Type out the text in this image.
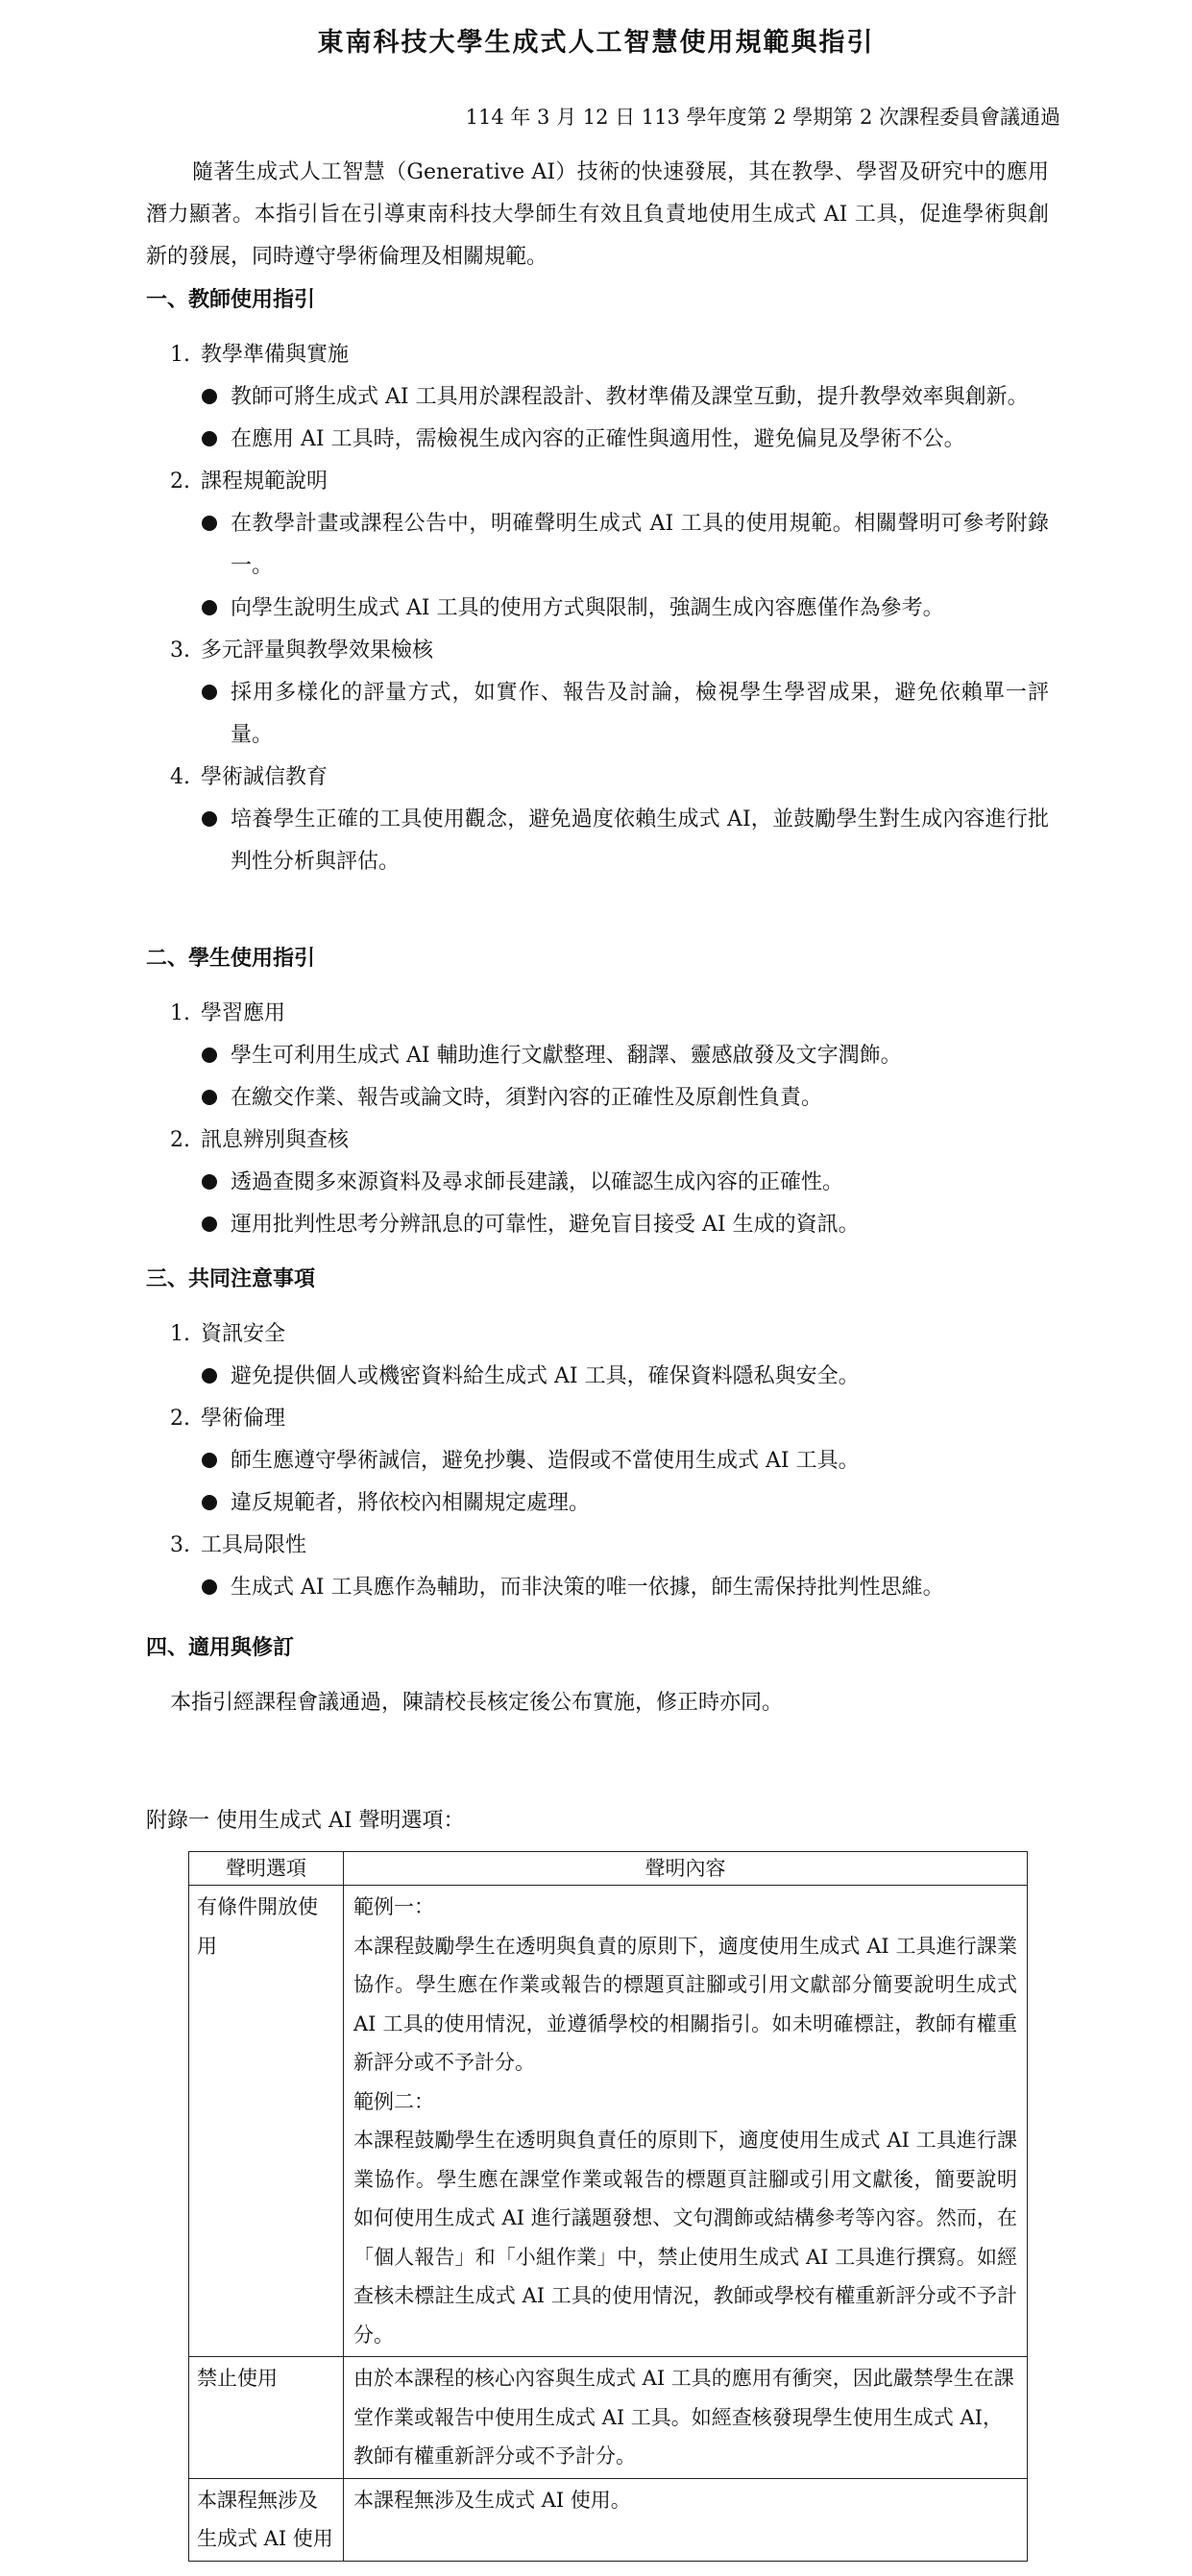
東南科技大學生成式人工智慧使用規範與指引
114 年 3 月 12 日 113 學年度第 2 學期第 2 次課程委員會議通過
隨著生成式人工智慧（Generative AI）技術的快速發展，其在教學、學習及研究中的應用潛力顯著。本指引旨在引導東南科技大學師生有效且負責地使用生成式 AI 工具，促進學術與創新的發展，同時遵守學術倫理及相關規範。
一、教師使用指引
1. 教學準備與實施
教師可將生成式 AI 工具用於課程設計、教材準備及課堂互動，提升教學效率與創新。
在應用 AI 工具時，需檢視生成內容的正確性與適用性，避免偏見及學術不公。
2. 課程規範說明
在教學計畫或課程公告中，明確聲明生成式 AI 工具的使用規範。相關聲明可參考附錄一。
向學生說明生成式 AI 工具的使用方式與限制，強調生成內容應僅作為參考。
3. 多元評量與教學效果檢核
採用多樣化的評量方式，如實作、報告及討論，檢視學生學習成果，避免依賴單一評量。
4. 學術誠信教育
培養學生正確的工具使用觀念，避免過度依賴生成式 AI，並鼓勵學生對生成內容進行批判性分析與評估。
二、學生使用指引
1. 學習應用
學生可利用生成式 AI 輔助進行文獻整理、翻譯、靈感啟發及文字潤飾。
在繳交作業、報告或論文時，須對內容的正確性及原創性負責。
2. 訊息辨別與查核
透過查閱多來源資料及尋求師長建議，以確認生成內容的正確性。
運用批判性思考分辨訊息的可靠性，避免盲目接受 AI 生成的資訊。
三、共同注意事項
1. 資訊安全
避免提供個人或機密資料給生成式 AI 工具，確保資料隱私與安全。
2. 學術倫理
師生應遵守學術誠信，避免抄襲、造假或不當使用生成式 AI 工具。
違反規範者，將依校內相關規定處理。
3. 工具局限性
生成式 AI 工具應作為輔助，而非決策的唯一依據，師生需保持批判性思維。
四、適用與修訂
本指引經課程會議通過，陳請校長核定後公布實施，修正時亦同。
附錄一 使用生成式 AI 聲明選項：
聲明選項	聲明內容
有條件開放使用	範例一：
本課程鼓勵學生在透明與負責的原則下，適度使用生成式 AI 工具進行課業協作。學生應在作業或報告的標題頁註腳或引用文獻部分簡要說明生成式 AI 工具的使用情況，並遵循學校的相關指引。如未明確標註，教師有權重新評分或不予計分。
範例二：
本課程鼓勵學生在透明與負責任的原則下，適度使用生成式 AI 工具進行課業協作。學生應在課堂作業或報告的標題頁註腳或引用文獻後，簡要說明如何使用生成式 AI 進行議題發想、文句潤飾或結構參考等內容。然而，在「個人報告」和「小組作業」中，禁止使用生成式 AI 工具進行撰寫。如經查核未標註生成式 AI 工具的使用情況，教師或學校有權重新評分或不予計分。

禁止使用	由於本課程的核心內容與生成式 AI 工具的應用有衝突，因此嚴禁學生在課堂作業或報告中使用生成式 AI 工具。如經查核發現學生使用生成式 AI，教師有權重新評分或不予計分。
本課程無涉及生成式 AI 使用	本課程無涉及生成式 AI 使用。
